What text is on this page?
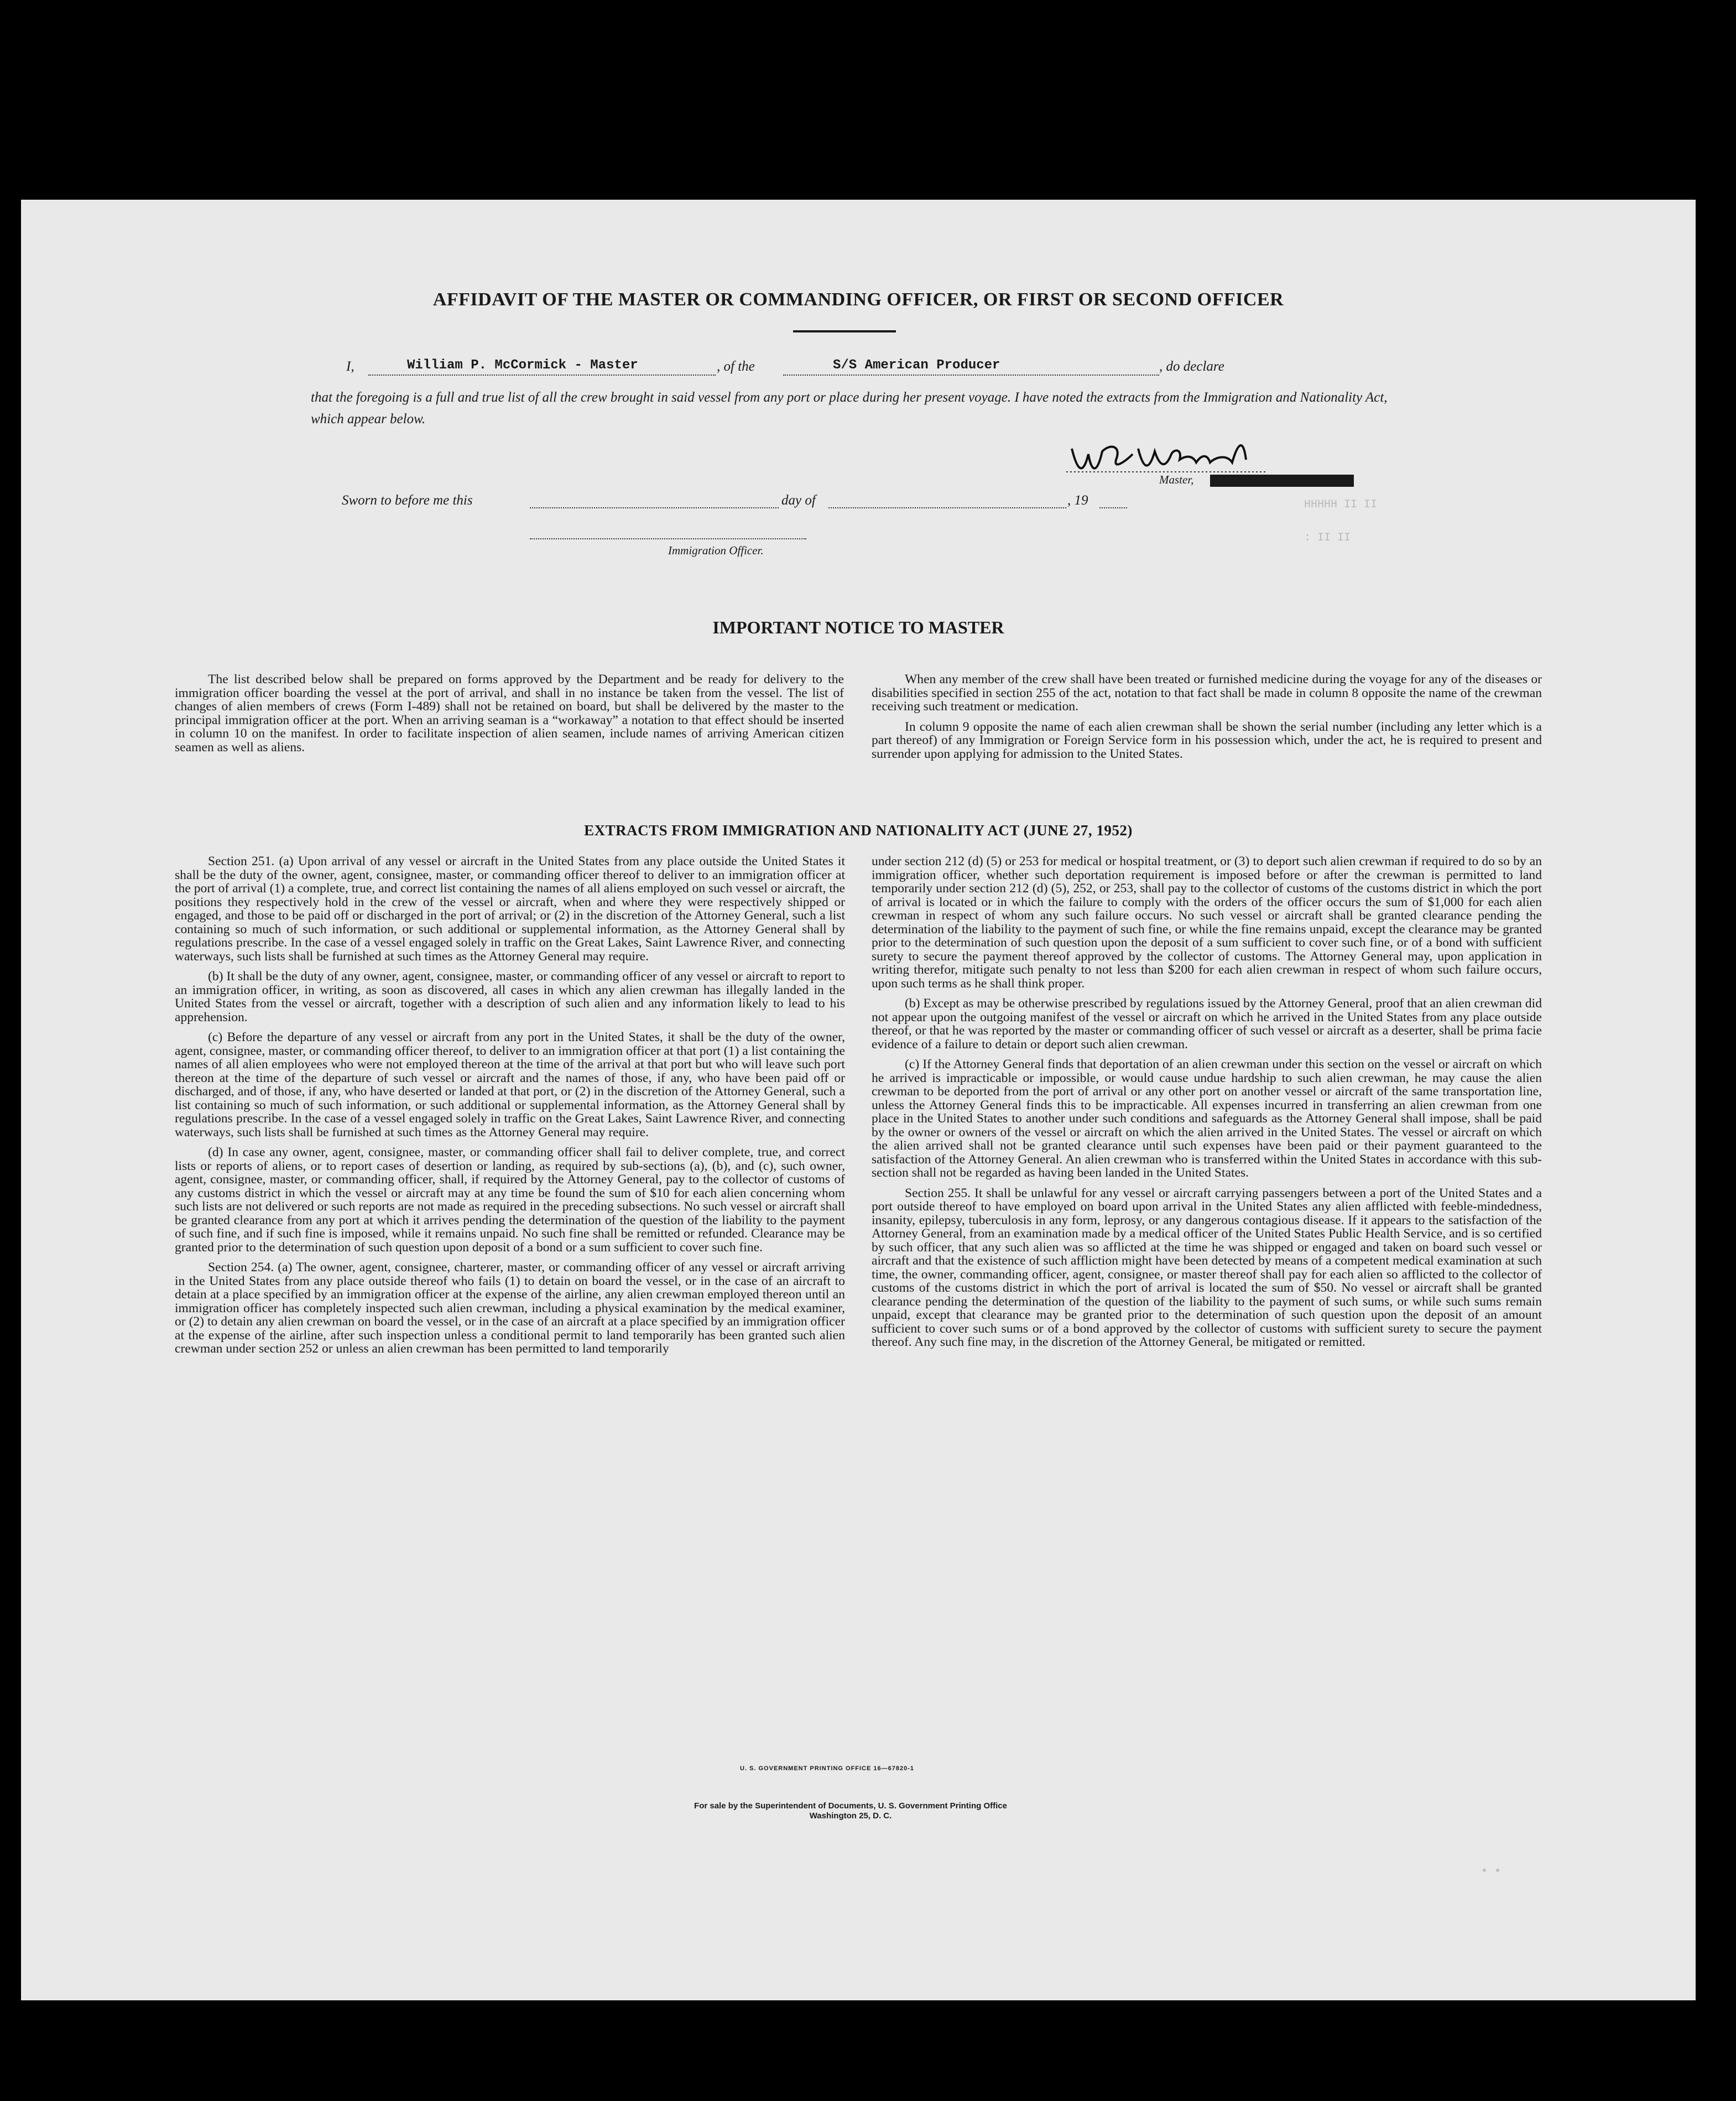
HHHHH II II
: II II
▪ ▪
AFFIDAVIT OF THE MASTER OR COMMANDING OFFICER, OR FIRST OR SECOND OFFICER
I,	William P. McCormick - Master	, of the	S/S American Producer	, do declare
that the foregoing is a full and true list of all the crew brought in said vessel from any port or place during her present voyage. I have noted the extracts from the Immigration and Nationality Act, which appear below.
Master,
Sworn to before me this	day of	, 19
Immigration Officer.
IMPORTANT NOTICE TO MASTER

The list described below shall be prepared on forms approved by the Department and be ready for delivery to the immigration officer boarding the vessel at the port of arrival, and shall in no instance be taken from the vessel. The list of changes of alien members of crews (Form I-489) shall not be retained on board, but shall be delivered by the master to the principal immigration officer at the port. When an arriving seaman is a “workaway” a notation to that effect should be inserted in column 10 on the manifest. In order to facilitate inspection of alien seamen, include names of arriving American citizen seamen as well as aliens.

When any member of the crew shall have been treated or furnished medicine during the voyage for any of the diseases or disabilities specified in section 255 of the act, notation to that fact shall be made in column 8 opposite the name of the crewman receiving such treatment or medication.

In column 9 opposite the name of each alien crewman shall be shown the serial number (including any letter which is a part thereof) of any Immigration or Foreign Service form in his possession which, under the act, he is required to present and surrender upon applying for admission to the United States.

EXTRACTS FROM IMMIGRATION AND NATIONALITY ACT (JUNE 27, 1952)

Section 251. (a) Upon arrival of any vessel or aircraft in the United States from any place outside the United States it shall be the duty of the owner, agent, consignee, master, or commanding officer thereof to deliver to an immigration officer at the port of arrival (1) a complete, true, and correct list containing the names of all aliens employed on such vessel or aircraft, the positions they respectively hold in the crew of the vessel or aircraft, when and where they were respectively shipped or engaged, and those to be paid off or discharged in the port of arrival; or (2) in the discretion of the Attorney General, such a list containing so much of such information, or such additional or supplemental information, as the Attorney General shall by regulations prescribe. In the case of a vessel engaged solely in traffic on the Great Lakes, Saint Lawrence River, and connecting waterways, such lists shall be furnished at such times as the Attorney General may require.

(b) It shall be the duty of any owner, agent, consignee, master, or commanding officer of any vessel or aircraft to report to an immigration officer, in writing, as soon as discovered, all cases in which any alien crewman has illegally landed in the United States from the vessel or aircraft, together with a description of such alien and any information likely to lead to his apprehension.

(c) Before the departure of any vessel or aircraft from any port in the United States, it shall be the duty of the owner, agent, consignee, master, or commanding officer thereof, to deliver to an immigration officer at that port (1) a list containing the names of all alien employees who were not employed thereon at the time of the arrival at that port but who will leave such port thereon at the time of the departure of such vessel or aircraft and the names of those, if any, who have been paid off or discharged, and of those, if any, who have deserted or landed at that port, or (2) in the discretion of the Attorney General, such a list containing so much of such information, or such additional or supplemental information, as the Attorney General shall by regulations prescribe. In the case of a vessel engaged solely in traffic on the Great Lakes, Saint Lawrence River, and connecting waterways, such lists shall be furnished at such times as the Attorney General may require.

(d) In case any owner, agent, consignee, master, or commanding officer shall fail to deliver complete, true, and correct lists or reports of aliens, or to report cases of desertion or landing, as required by sub-sections (a), (b), and (c), such owner, agent, consignee, master, or commanding officer, shall, if required by the Attorney General, pay to the collector of customs of any customs district in which the vessel or aircraft may at any time be found the sum of $10 for each alien concerning whom such lists are not delivered or such reports are not made as required in the preceding subsections. No such vessel or aircraft shall be granted clearance from any port at which it arrives pending the determination of the question of the liability to the payment of such fine, and if such fine is imposed, while it remains unpaid. No such fine shall be remitted or refunded. Clearance may be granted prior to the determination of such question upon deposit of a bond or a sum sufficient to cover such fine.

Section 254. (a) The owner, agent, consignee, charterer, master, or commanding officer of any vessel or aircraft arriving in the United States from any place outside thereof who fails (1) to detain on board the vessel, or in the case of an aircraft to detain at a place specified by an immigration officer at the expense of the airline, any alien crewman employed thereon until an immigration officer has completely inspected such alien crewman, including a physical examination by the medical examiner, or (2) to detain any alien crewman on board the vessel, or in the case of an aircraft at a place specified by an immigration officer at the expense of the airline, after such inspection unless a conditional permit to land temporarily has been granted such alien crewman under section 252 or unless an alien crewman has been permitted to land temporarily

under section 212 (d) (5) or 253 for medical or hospital treatment, or (3) to deport such alien crewman if required to do so by an immigration officer, whether such deportation requirement is imposed before or after the crewman is permitted to land temporarily under section 212 (d) (5), 252, or 253, shall pay to the collector of customs of the customs district in which the port of arrival is located or in which the failure to comply with the orders of the officer occurs the sum of $1,000 for each alien crewman in respect of whom any such failure occurs. No such vessel or aircraft shall be granted clearance pending the determination of the liability to the payment of such fine, or while the fine remains unpaid, except the clearance may be granted prior to the determination of such question upon the deposit of a sum sufficient to cover such fine, or of a bond with sufficient surety to secure the payment thereof approved by the collector of customs. The Attorney General may, upon application in writing therefor, mitigate such penalty to not less than $200 for each alien crewman in respect of whom such failure occurs, upon such terms as he shall think proper.

(b) Except as may be otherwise prescribed by regulations issued by the Attorney General, proof that an alien crewman did not appear upon the outgoing manifest of the vessel or aircraft on which he arrived in the United States from any place outside thereof, or that he was reported by the master or commanding officer of such vessel or aircraft as a deserter, shall be prima facie evidence of a failure to detain or deport such alien crewman.

(c) If the Attorney General finds that deportation of an alien crewman under this section on the vessel or aircraft on which he arrived is impracticable or impossible, or would cause undue hardship to such alien crewman, he may cause the alien crewman to be deported from the port of arrival or any other port on another vessel or aircraft of the same transportation line, unless the Attorney General finds this to be impracticable. All expenses incurred in transferring an alien crewman from one place in the United States to another under such conditions and safeguards as the Attorney General shall impose, shall be paid by the owner or owners of the vessel or aircraft on which the alien arrived in the United States. The vessel or aircraft on which the alien arrived shall not be granted clearance until such expenses have been paid or their payment guaranteed to the satisfaction of the Attorney General. An alien crewman who is transferred within the United States in accordance with this sub-section shall not be regarded as having been landed in the United States.

Section 255. It shall be unlawful for any vessel or aircraft carrying passengers between a port of the United States and a port outside thereof to have employed on board upon arrival in the United States any alien afflicted with feeble-mindedness, insanity, epilepsy, tuberculosis in any form, leprosy, or any dangerous contagious disease. If it appears to the satisfaction of the Attorney General, from an examination made by a medical officer of the United States Public Health Service, and is so certified by such officer, that any such alien was so afflicted at the time he was shipped or engaged and taken on board such vessel or aircraft and that the existence of such affliction might have been detected by means of a competent medical examination at such time, the owner, commanding officer, agent, consignee, or master thereof shall pay for each alien so afflicted to the collector of customs of the customs district in which the port of arrival is located the sum of $50. No vessel or aircraft shall be granted clearance pending the determination of the question of the liability to the payment of such sums, or while such sums remain unpaid, except that clearance may be granted prior to the determination of such question upon the deposit of an amount sufficient to cover such sums or of a bond approved by the collector of customs with sufficient surety to secure the payment thereof. Any such fine may, in the discretion of the Attorney General, be mitigated or remitted.

U. S. GOVERNMENT PRINTING OFFICE 16—67820-1
For sale by the Superintendent of Documents, U. S. Government Printing Office
Washington 25, D. C.
